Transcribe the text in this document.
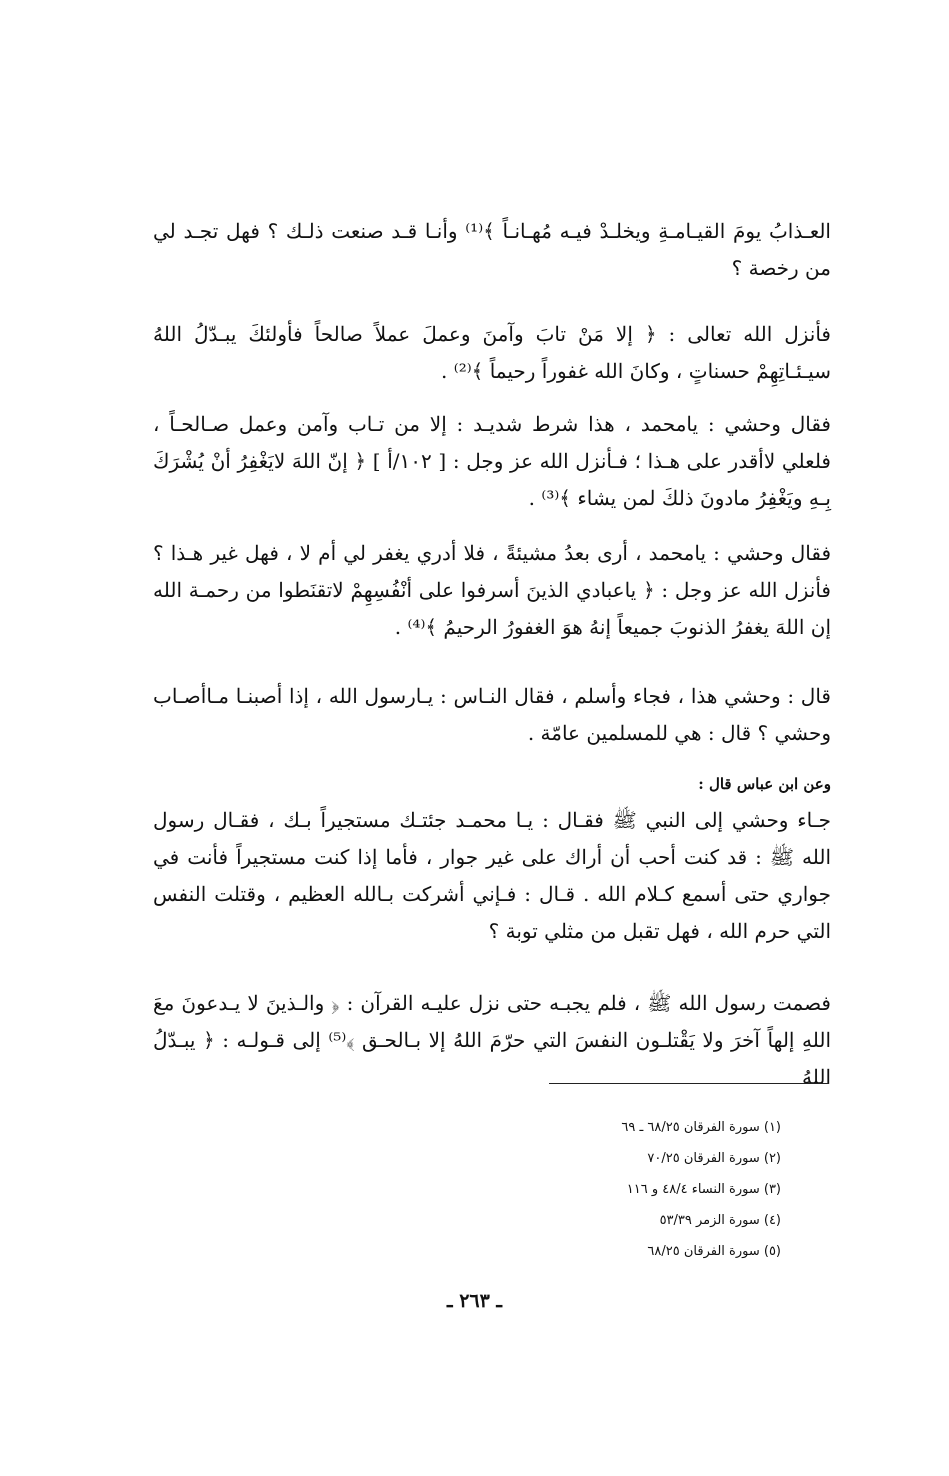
العـذابُ يومَ القيـامـةِ ويخلـدْ فيـه مُهـانـاً ﴾⁽¹⁾ وأنـا قـد صنعت ذلـك ؟ فهل تجـد لي من رخصة ؟

فأنزل الله تعالى : ﴿ إلا مَنْ تابَ وآمنَ وعملَ عملاً صالحاً فأولئكَ يبـدّلُ اللهُ سيـئـاتِهِمْ حسناتٍ ، وكانَ الله غفوراً رحيماً ﴾⁽²⁾ .

فقال وحشي : يامحمد ، هذا شرط شديـد : إلا من تـاب وآمن وعمل صـالحـاً ، فلعلي لاأقدر على هـذا ؛ فـأنزل الله عز وجل : [ ١٠٢/أ ] ﴿ إنّ اللهَ لايَغْفِرُ أنْ يُشْرَكَ بِـهِ ويَغْفِرُ مادونَ ذلكَ لمن يشاء ﴾⁽³⁾ .

فقال وحشي : يامحمد ، أرى بعدُ مشيئةً ، فلا أدري يغفر لي أم لا ، فهل غير هـذا ؟ فأنزل الله عز وجل : ﴿ ياعبادي الذينَ أسرفوا على أنْفُسِهِمْ لاتقنَطوا من رحمـة الله إن اللهَ يغفرُ الذنوبَ جميعاً إنهُ هوَ الغفورُ الرحيمُ ﴾⁽⁴⁾ .

قال : وحشي هذا ، فجاء وأسلم ، فقال النـاس : يـارسول الله ، إذا أصبنـا مـاأصـاب وحشي ؟ قال : هي للمسلمين عامّة .

وعن ابن عباس قال :

جـاء وحشي إلى النبي ﷺ فقـال : يـا محمـد جئتـك مستجيراً بـك ، فقـال رسول الله ﷺ : قد كنت أحب أن أراك على غير جوار ، فأما إذا كنت مستجيراً فأنت في جواري حتى أسمع كـلام الله . قـال : فـإني أشركت بـالله العظيم ، وقتلت النفس التي حرم الله ، فهل تقبل من مثلي توبة ؟

فصمت رسول الله ﷺ ، فلم يجبـه حتى نزل عليـه القرآن : ﴿ والـذينَ لا يـدعونَ معَ اللهِ إلهاً آخرَ ولا يَقْتلـون النفسَ التي حرّمَ اللهُ إلا بـالحـق ﴾⁽⁵⁾ إلى قـولـه : ﴿ يبـدّلُ اللهُ

(١) سورة الفرقان ٦٨/٢٥ ـ ٦٩
(٢) سورة الفرقان ٧٠/٢٥
(٣) سورة النساء ٤٨/٤ و ١١٦
(٤) سورة الزمر ٥٣/٣٩
(٥) سورة الفرقان ٦٨/٢٥
ـ ٢٦٣ ـ
